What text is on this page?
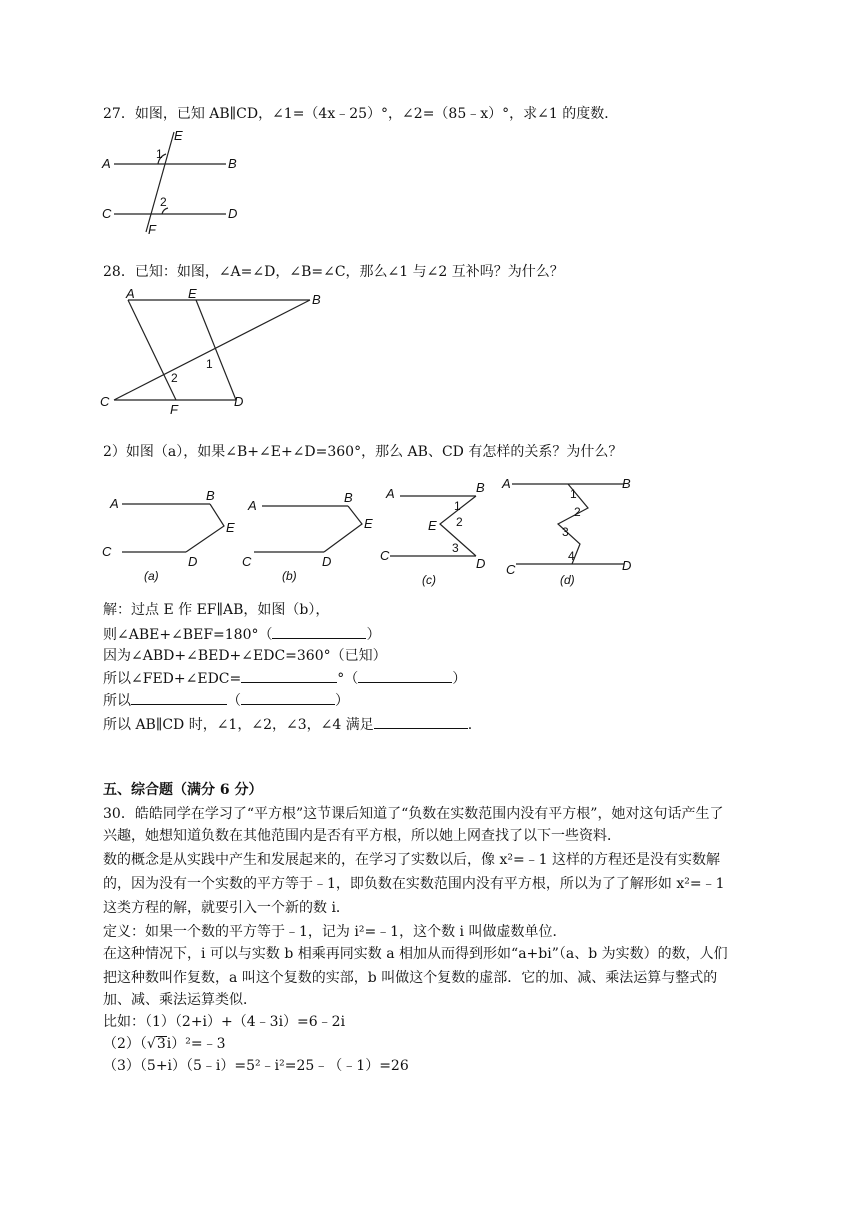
27．如图，已知 AB∥CD，∠1=（4x﹣25）°，∠2=（85﹣x）°，求∠1 的度数．
A	B
C	D
E
F
1
2
28．已知：如图，∠A=∠D，∠B=∠C，那么∠1 与∠2 互补吗？为什么？
A	E	B
C
F
D
1
2
2）如图（a），如果∠B+∠E+∠D=360°，那么 AB、CD 有怎样的关系？为什么？
A
B
E
C
D
(a)
A
B
E
C	D
(b)
A	B
E
C
D
1
2
3
(c)
A	B
C	D
1
2
3
4
(d)
解：过点 E 作 EF∥AB，如图（b），
则∠ABE+∠BEF=180°（	）
因为∠ABD+∠BED+∠EDC=360°（已知）
所以∠FED+∠EDC=	°（	）
所以	（	）
所以 AB∥CD 时，∠1，∠2，∠3，∠4 满足	.
五、综合题（满分 6 分）
30．皓皓同学在学习了“平方根”这节课后知道了“负数在实数范围内没有平方根”，她对这句话产生了
兴趣，她想知道负数在其他范围内是否有平方根，所以她上网查找了以下一些资料．
数的概念是从实践中产生和发展起来的，在学习了实数以后，像 x²=﹣1 这样的方程还是没有实数解
的，因为没有一个实数的平方等于﹣1，即负数在实数范围内没有平方根，所以为了了解形如 x²=﹣1
这类方程的解，就要引入一个新的数 i．
定义：如果一个数的平方等于﹣1，记为 i²=﹣1，这个数 i 叫做虚数单位．
在这种情况下，i 可以与实数 b 相乘再同实数 a 相加从而得到形如“a+bi”（a、b 为实数）的数，人们
把这种数叫作复数，a 叫这个复数的实部，b 叫做这个复数的虚部．它的加、减、乘法运算与整式的
加、减、乘法运算类似．
比如：（1）（2+i）+（4﹣3i）=6﹣2i
（2）（√3i）²=﹣3
（3）（5+i）（5﹣i）=5²﹣i²=25﹣（﹣1）=26
